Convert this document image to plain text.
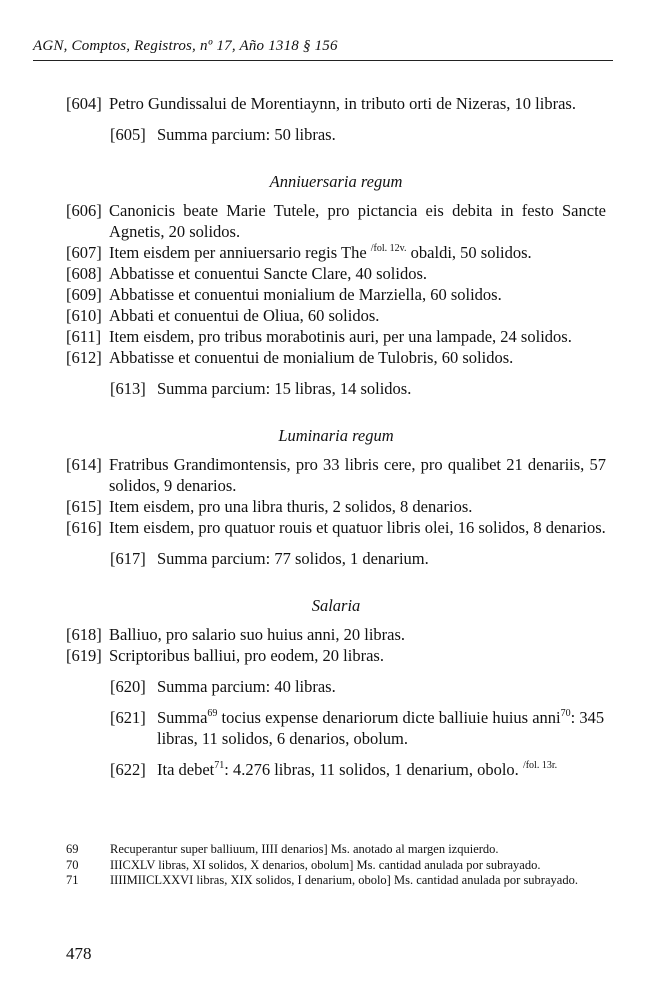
AGN, Comptos, Registros, nº 17, Año 1318 § 156

[604] Petro Gundissalui de Morentiaynn, in tributo orti de Nizeras, 10 libras.

[605] Summa parcium: 50 libras.

Anniuersaria regum

[606] Canonicis beate Marie Tutele, pro pictancia eis debita in festo Sancte Agnetis, 20 solidos.

[607] Item eisdem per anniuersario regis The $^{/fol. 12v.}$ obaldi, 50 solidos.

[608] Abbatisse et conuentui Sancte Clare, 40 solidos.

[609] Abbatisse et conuentui monialium de Marziella, 60 solidos.

[610] Abbati et conuentui de Oliua, 60 solidos.

[611] Item eisdem, pro tribus morabotinis auri, per una lampade, 24 solidos.

[612] Abbatisse et conuentui de monialium de Tulobris, 60 solidos.

[613] Summa parcium: 15 libras, 14 solidos.

Luminaria regum

[614] Fratribus Grandimontensis, pro 33 libris cere, pro qualibet 21 denariis, 57 solidos, 9 denarios.

[615] Item eisdem, pro una libra thuris, 2 solidos, 8 denarios.

[616] Item eisdem, pro quatuor rouis et quatuor libris olei, 16 solidos, 8 denarios.

[617] Summa parcium: 77 solidos, 1 denarium.

Salaria

[618] Balliuo, pro salario suo huius anni, 20 libras.

[619] Scriptoribus balliui, pro eodem, 20 libras.

[620] Summa parcium: 40 libras.

[621] Summa$^{69}$ tocius expense denariorum dicte balliuie huius anni$^{70}$: 345 libras, 11 solidos, 6 denarios, obolum.

[622] Ita debet$^{71}$: 4.276 libras, 11 solidos, 1 denarium, obolo. $^{/fol. 13r.}$

69	Recuperantur super balliuum, IIII denarios] Ms. anotado al margen izquierdo.

70	IIICXLV libras, XI solidos, X denarios, obolum] Ms. cantidad anulada por subrayado.

71	IIIIMIICLXXVI libras, XIX solidos, I denarium, obolo] Ms. cantidad anulada por subrayado.

478
